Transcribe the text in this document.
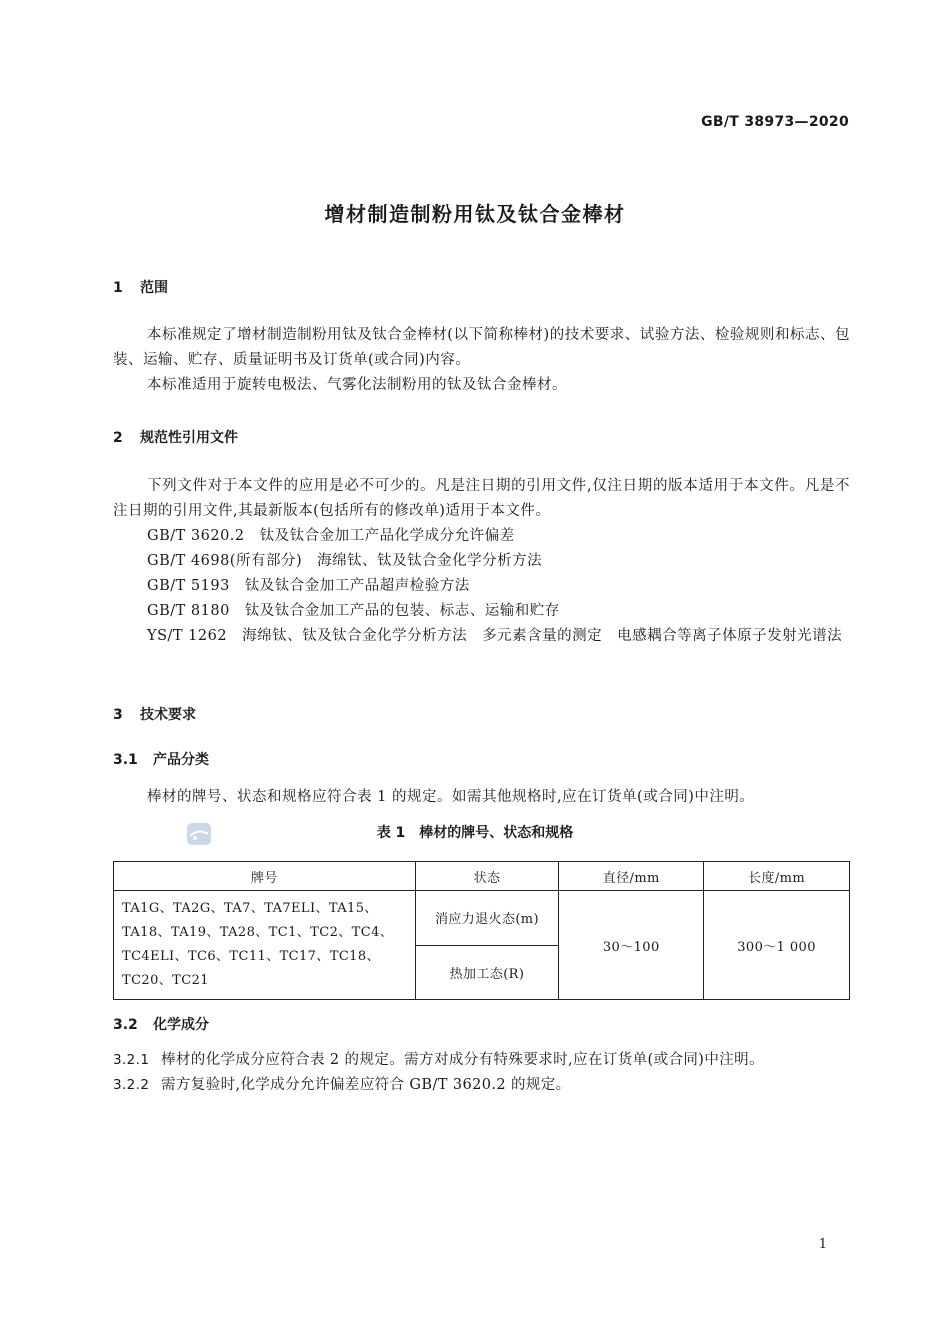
GB/T 38973—2020
增材制造制粉用钛及钛合金棒材
1 范围

本标准规定了增材制造制粉用钛及钛合金棒材(以下简称棒材)的技术要求、试验方法、检验规则和标志、包装、运输、贮存、质量证明书及订货单(或合同)内容。

本标准适用于旋转电极法、气雾化法制粉用的钛及钛合金棒材。

2 规范性引用文件

下列文件对于本文件的应用是必不可少的。凡是注日期的引用文件,仅注日期的版本适用于本文件。凡是不注日期的引用文件,其最新版本(包括所有的修改单)适用于本文件。

GB/T 3620.2　钛及钛合金加工产品化学成分允许偏差
GB/T 4698(所有部分)　海绵钛、钛及钛合金化学分析方法
GB/T 5193　钛及钛合金加工产品超声检验方法
GB/T 8180　钛及钛合金加工产品的包装、标志、运输和贮存
YS/T 1262　海绵钛、钛及钛合金化学分析方法　多元素含量的测定　电感耦合等离子体原子发射光谱法
3 技术要求
3.1 产品分类

棒材的牌号、状态和规格应符合表 1 的规定。如需其他规格时,应在订货单(或合同)中注明。

表 1　棒材的牌号、状态和规格
牌号	状态	直径/mm	长度/mm
TA1G、TA2G、TA7、TA7ELI、TA15、TA18、TA19、TA28、TC1、TC2、TC4、TC4ELI、TC6、TC11、TC17、TC18、TC20、TC21	消应力退火态(m)	30～100	300～1 000
	热加工态(R)		
3.2 化学成分
3.2.1 棒材的化学成分应符合表 2 的规定。需方对成分有特殊要求时,应在订货单(或合同)中注明。
3.2.2 需方复验时,化学成分允许偏差应符合 GB/T 3620.2 的规定。
1
